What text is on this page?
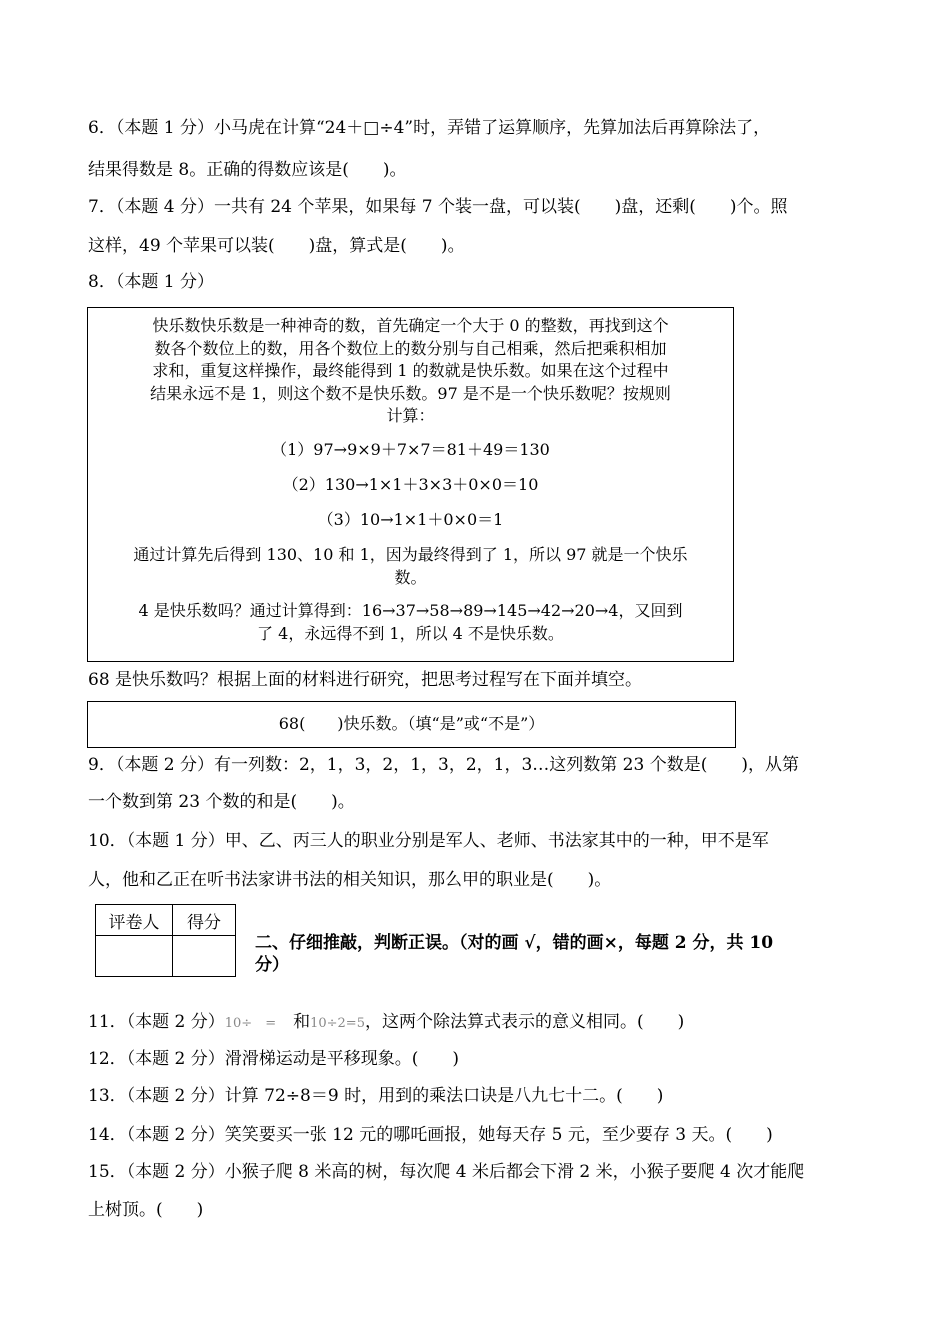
6．（本题 1 分）小马虎在计算“24＋□÷4”时，弄错了运算顺序，先算加法后再算除法了，
结果得数是 8。正确的得数应该是(　　)。
7．（本题 4 分）一共有 24 个苹果，如果每 7 个装一盘，可以装(　　)盘，还剩(　　)个。照
这样，49 个苹果可以装(　　)盘，算式是(　　)。
8．（本题 1 分）
快乐数快乐数是一种神奇的数，首先确定一个大于 0 的整数，再找到这个
数各个数位上的数，用各个数位上的数分别与自己相乘，然后把乘积相加
求和，重复这样操作，最终能得到 1 的数就是快乐数。如果在这个过程中
结果永远不是 1，则这个数不是快乐数。97 是不是一个快乐数呢？按规则
计算：
（1）97→9×9＋7×7＝81＋49＝130
（2）130→1×1＋3×3＋0×0＝10
（3）10→1×1＋0×0＝1
通过计算先后得到 130、10 和 1，因为最终得到了 1，所以 97 就是一个快乐
数。
4 是快乐数吗？通过计算得到：16→37→58→89→145→42→20→4，又回到
了 4，永远得不到 1，所以 4 不是快乐数。
68 是快乐数吗？根据上面的材料进行研究，把思考过程写在下面并填空。
68(　　)快乐数。（填“是”或“不是”）
9．（本题 2 分）有一列数：2，1，3，2，1，3，2，1，3…这列数第 23 个数是(　　)，从第
一个数到第 23 个数的和是(　　)。
10．（本题 1 分）甲、乙、丙三人的职业分别是军人、老师、书法家其中的一种，甲不是军
人，他和乙正在听书法家讲书法的相关知识，那么甲的职业是(　　)。
评卷人	得分

二、仔细推敲，判断正误。（对的画 √，错的画×，每题 2 分，共 10
分）
11．（本题 2 分）10÷　=　和10÷2=5，这两个除法算式表示的意义相同。(　　)
12．（本题 2 分）滑滑梯运动是平移现象。(　　)
13．（本题 2 分）计算 72÷8＝9 时，用到的乘法口诀是八九七十二。(　　)
14．（本题 2 分）笑笑要买一张 12 元的哪吒画报，她每天存 5 元，至少要存 3 天。(　　)
15．（本题 2 分）小猴子爬 8 米高的树，每次爬 4 米后都会下滑 2 米，小猴子要爬 4 次才能爬
上树顶。(　　)
